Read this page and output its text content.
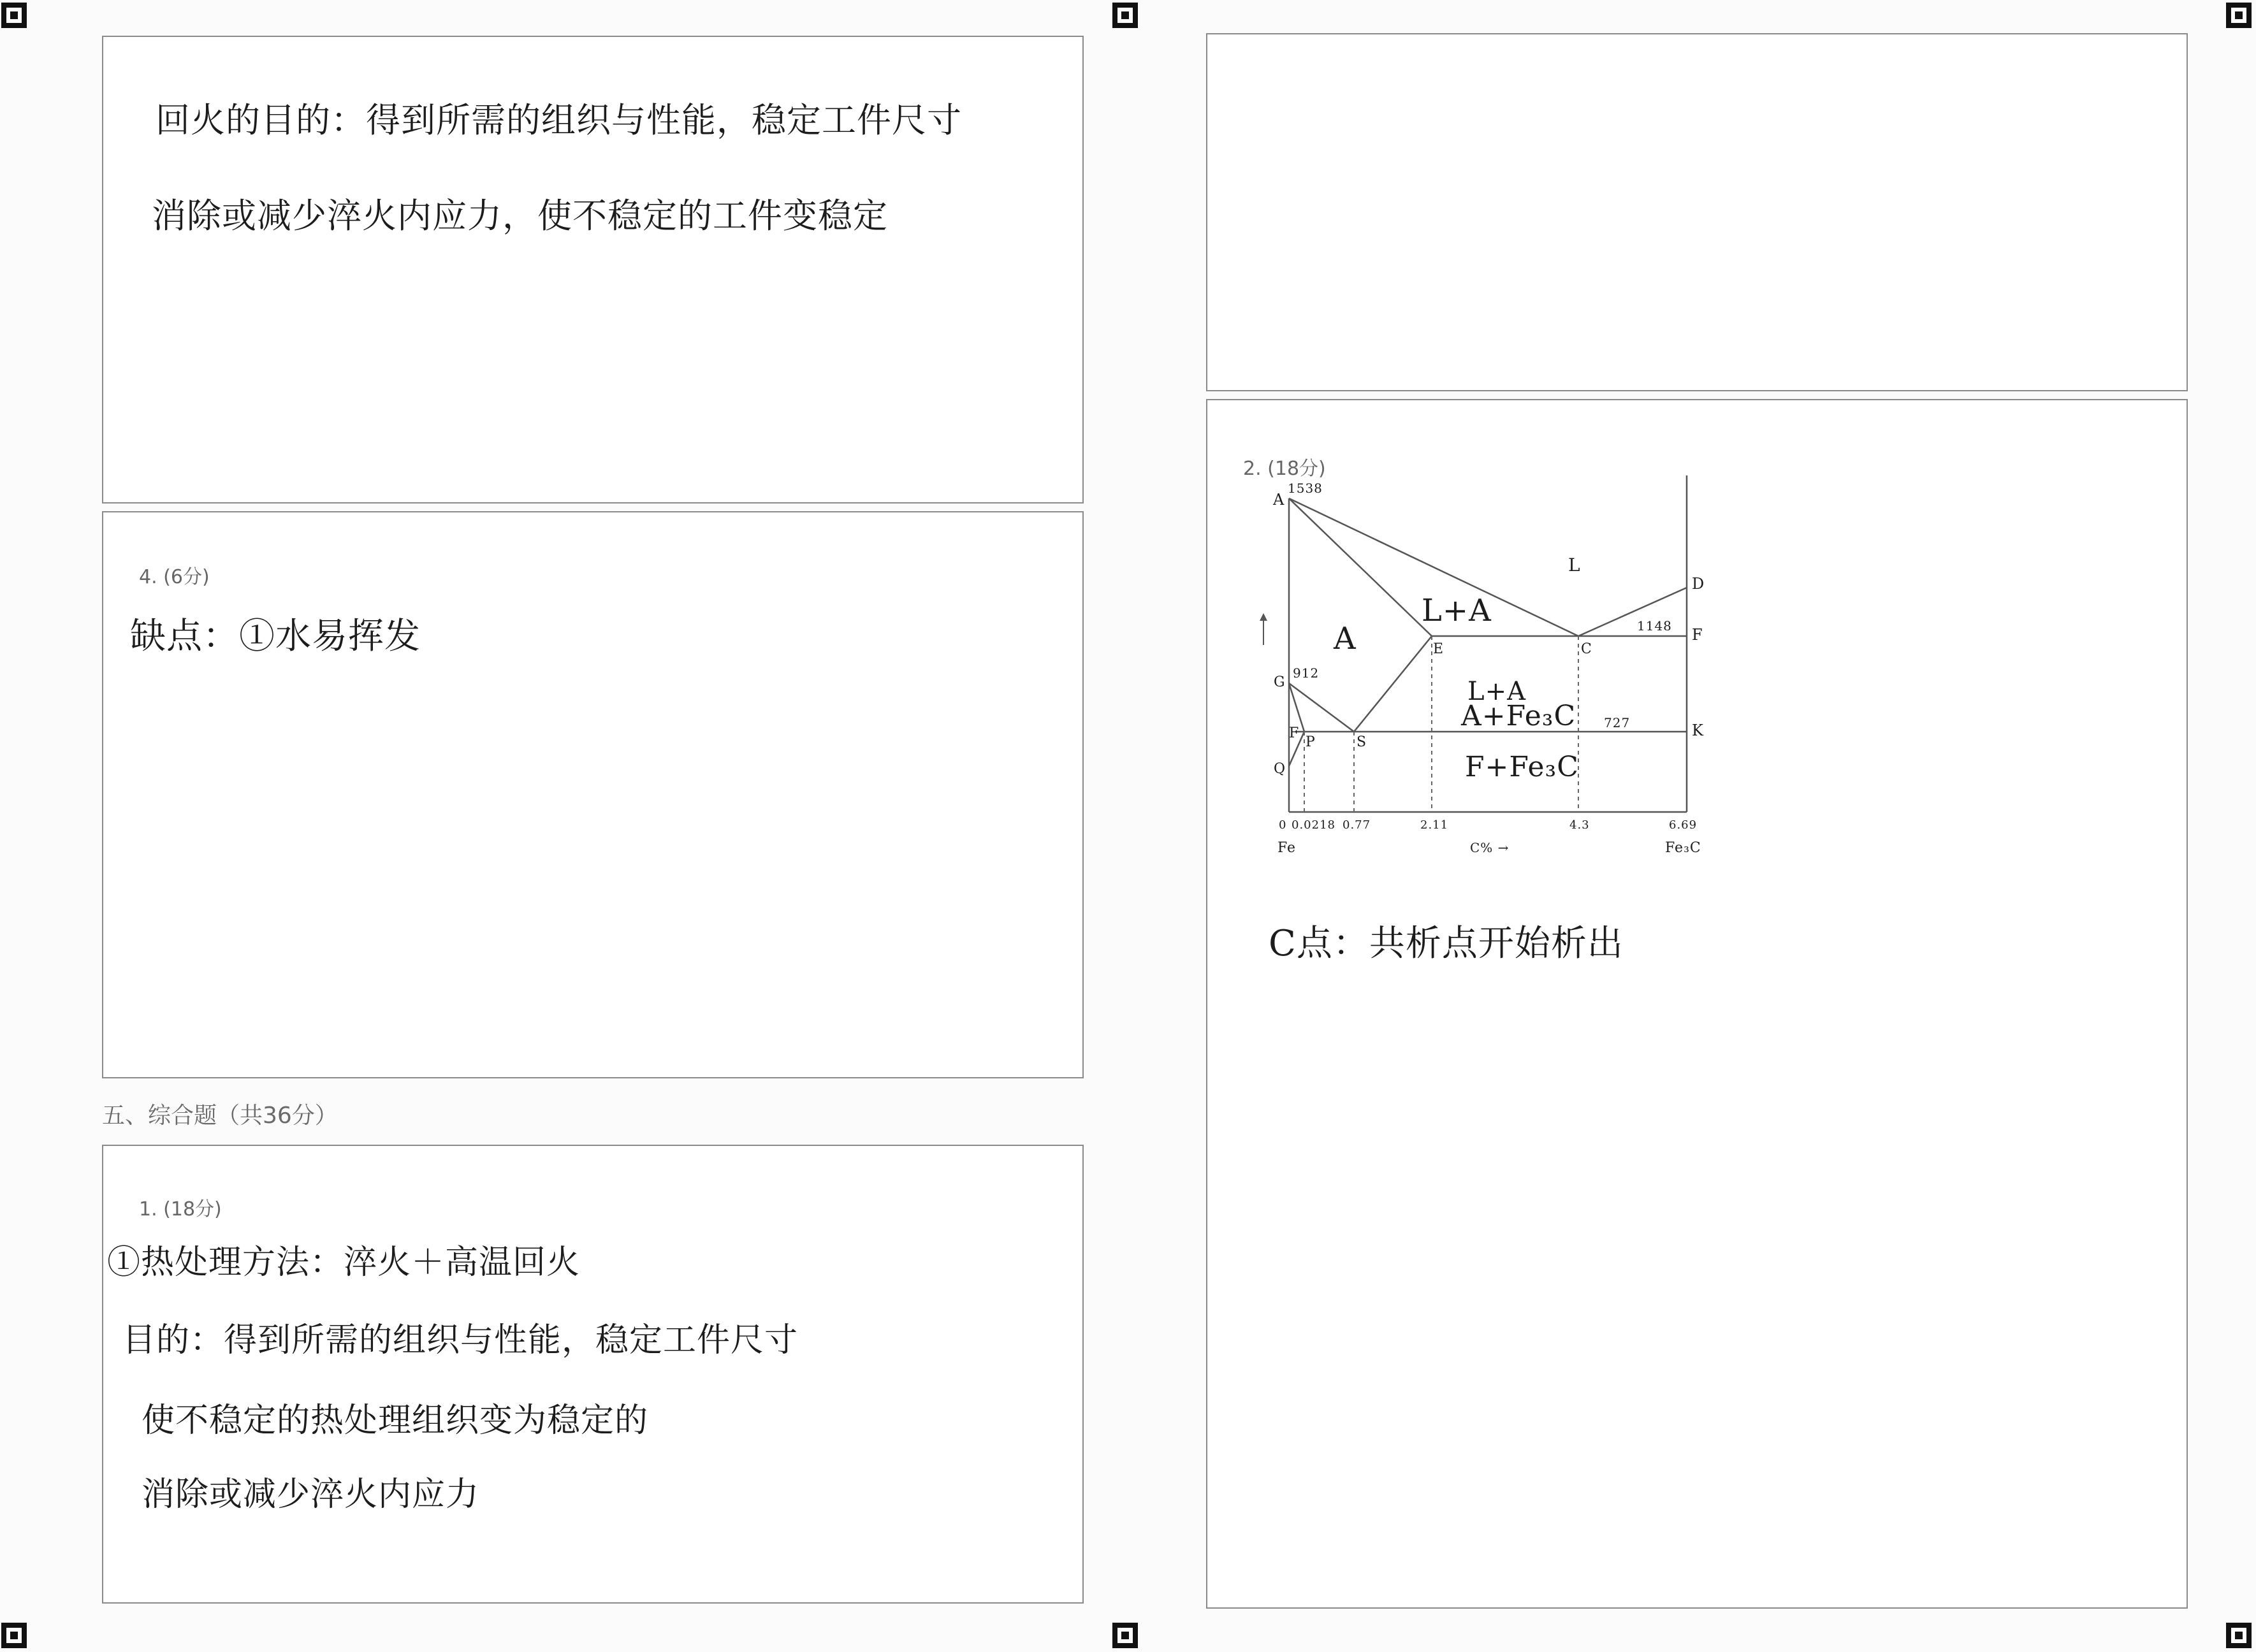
回火的目的：得到所需的组织与性能，稳定工件尺寸
消除或减少淬火内应力，使不稳定的工件变稳定
4. (6分)
缺点：①水易挥发
五、综合题（共36分）
1. (18分)
①热处理方法：淬火＋高温回火
目的：得到所需的组织与性能，稳定工件尺寸
使不稳定的热处理组织变为稳定的
消除或减少淬火内应力
2. (18分)
A
1538
L
D
L+A
A	1148 F
E	C
912
G	L+A
A+Fe₃C 727
P	S
K
F
F+Fe₃C
Q
0 0.0218 0.77	2.11	4.3	6.69
Fe	C% →	Fe₃C
C点：共析点开始析出
